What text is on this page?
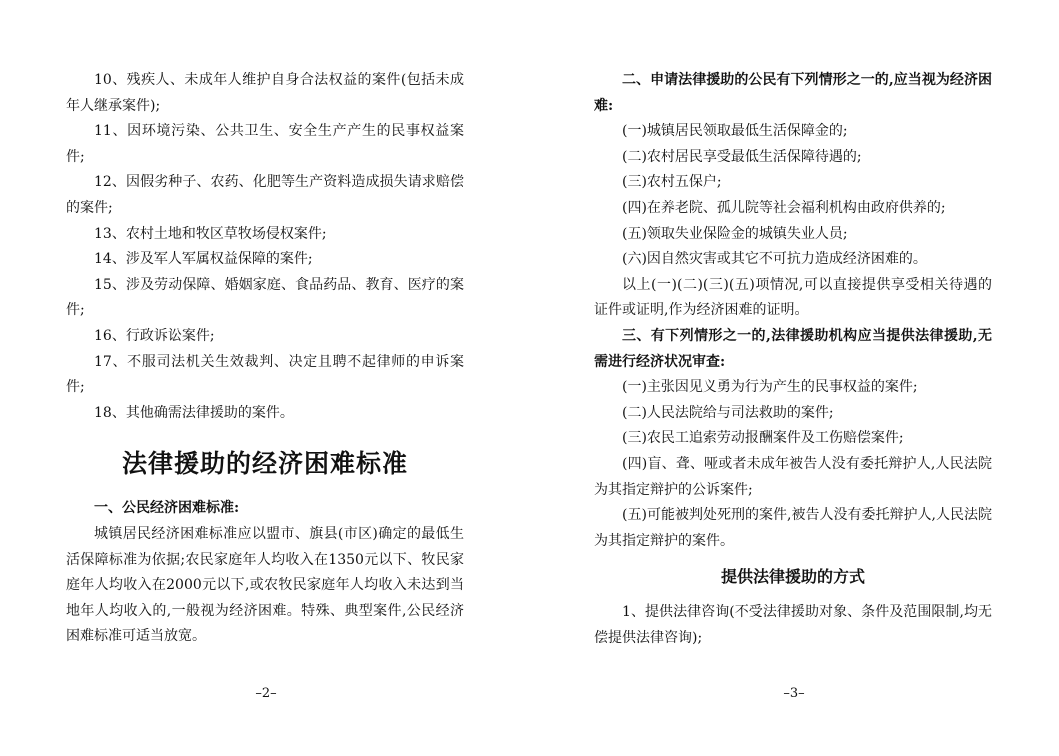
10、残疾人、未成年人维护自身合法权益的案件(包括未成年人继承案件);

11、因环境污染、公共卫生、安全生产产生的民事权益案件;

12、因假劣种子、农药、化肥等生产资料造成损失请求赔偿的案件;

13、农村土地和牧区草牧场侵权案件;

14、涉及军人军属权益保障的案件;

15、涉及劳动保障、婚姻家庭、食品药品、教育、医疗的案件;

16、行政诉讼案件;

17、不服司法机关生效裁判、决定且聘不起律师的申诉案件;

18、其他确需法律援助的案件。

法律援助的经济困难标准

一、公民经济困难标准:

城镇居民经济困难标准应以盟市、旗县(市区)确定的最低生活保障标准为依据;农民家庭年人均收入在1350元以下、牧民家庭年人均收入在2000元以下,或农牧民家庭年人均收入未达到当地年人均收入的,一般视为经济困难。特殊、典型案件,公民经济困难标准可适当放宽。

–2–

二、申请法律援助的公民有下列情形之一的,应当视为经济困难:

(一)城镇居民领取最低生活保障金的;

(二)农村居民享受最低生活保障待遇的;

(三)农村五保户;

(四)在养老院、孤儿院等社会福利机构由政府供养的;

(五)领取失业保险金的城镇失业人员;

(六)因自然灾害或其它不可抗力造成经济困难的。

以上(一)(二)(三)(五)项情况,可以直接提供享受相关待遇的证件或证明,作为经济困难的证明。

三、有下列情形之一的,法律援助机构应当提供法律援助,无需进行经济状况审查:

(一)主张因见义勇为行为产生的民事权益的案件;

(二)人民法院给与司法救助的案件;

(三)农民工追索劳动报酬案件及工伤赔偿案件;

(四)盲、聋、哑或者未成年被告人没有委托辩护人,人民法院为其指定辩护的公诉案件;

(五)可能被判处死刑的案件,被告人没有委托辩护人,人民法院为其指定辩护的案件。

提供法律援助的方式

1、提供法律咨询(不受法律援助对象、条件及范围限制,均无偿提供法律咨询);

–3–
